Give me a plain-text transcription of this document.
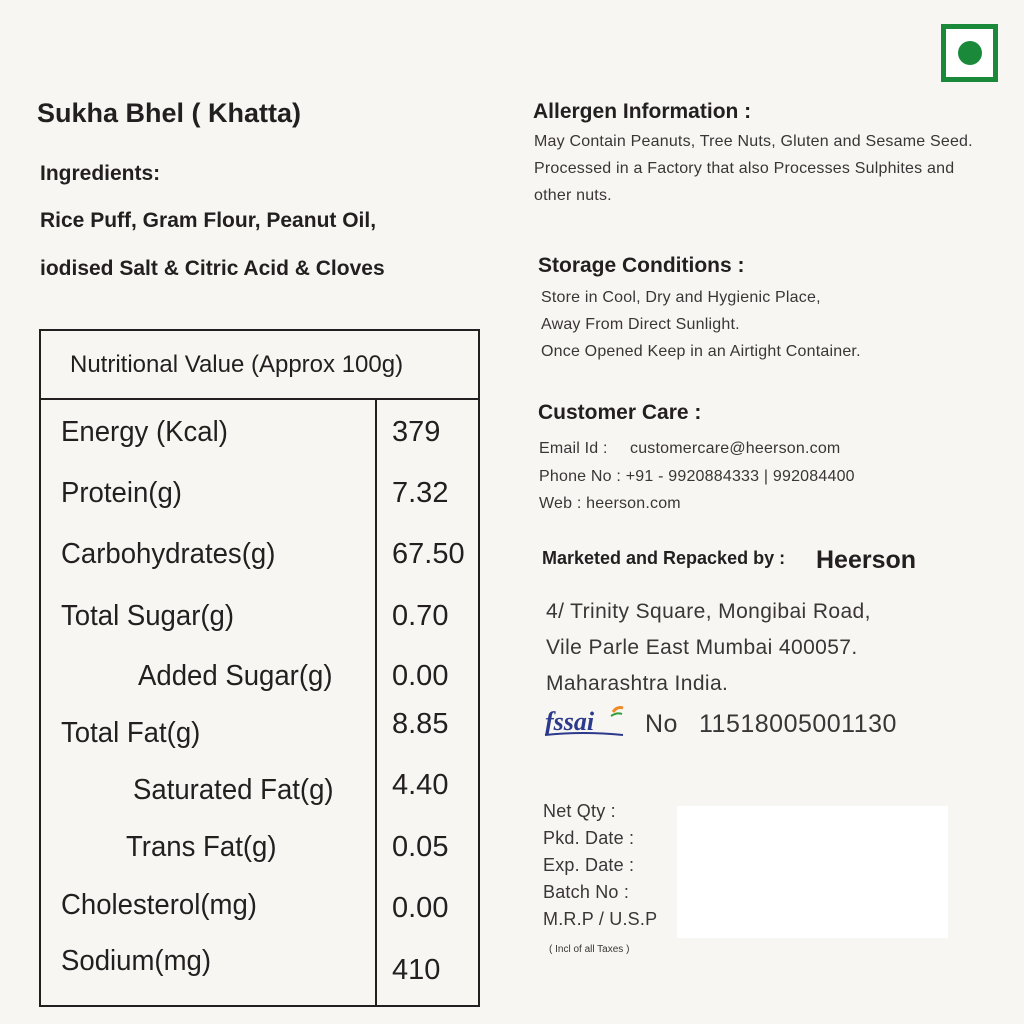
Sukha Bhel ( Khatta)
Ingredients:
Rice Puff, Gram Flour, Peanut Oil,
iodised Salt & Citric Acid & Cloves
Nutritional Value (Approx 100g)
Energy (Kcal)	379
Protein(g)	7.32
Carbohydrates(g)	67.50
Total Sugar(g)	0.70
Added Sugar(g) 0.00
Total Fat(g)	8.85
Saturated Fat(g) 4.40
Trans Fat(g)	0.05
Cholesterol(mg)	0.00
Sodium(mg)	410
Allergen Information :
May Contain Peanuts, Tree Nuts, Gluten and Sesame Seed.
Processed in a Factory that also Processes Sulphites and
other nuts.
Storage Conditions :
Store in Cool, Dry and Hygienic Place,
Away From Direct Sunlight.
Once Opened Keep in an Airtight Container.
Customer Care :
Email Id : customercare@heerson.com
Phone No : +91 - 9920884333 | 992084400
Web : heerson.com
Marketed and Repacked by : Heerson
4/ Trinity Square, Mongibai Road,
Vile Parle East Mumbai 400057.
Maharashtra India.
fssai No 11518005001130
Net Qty :
Pkd. Date :
Exp. Date :
Batch No :
M.R.P / U.S.P
( Incl of all Taxes )
